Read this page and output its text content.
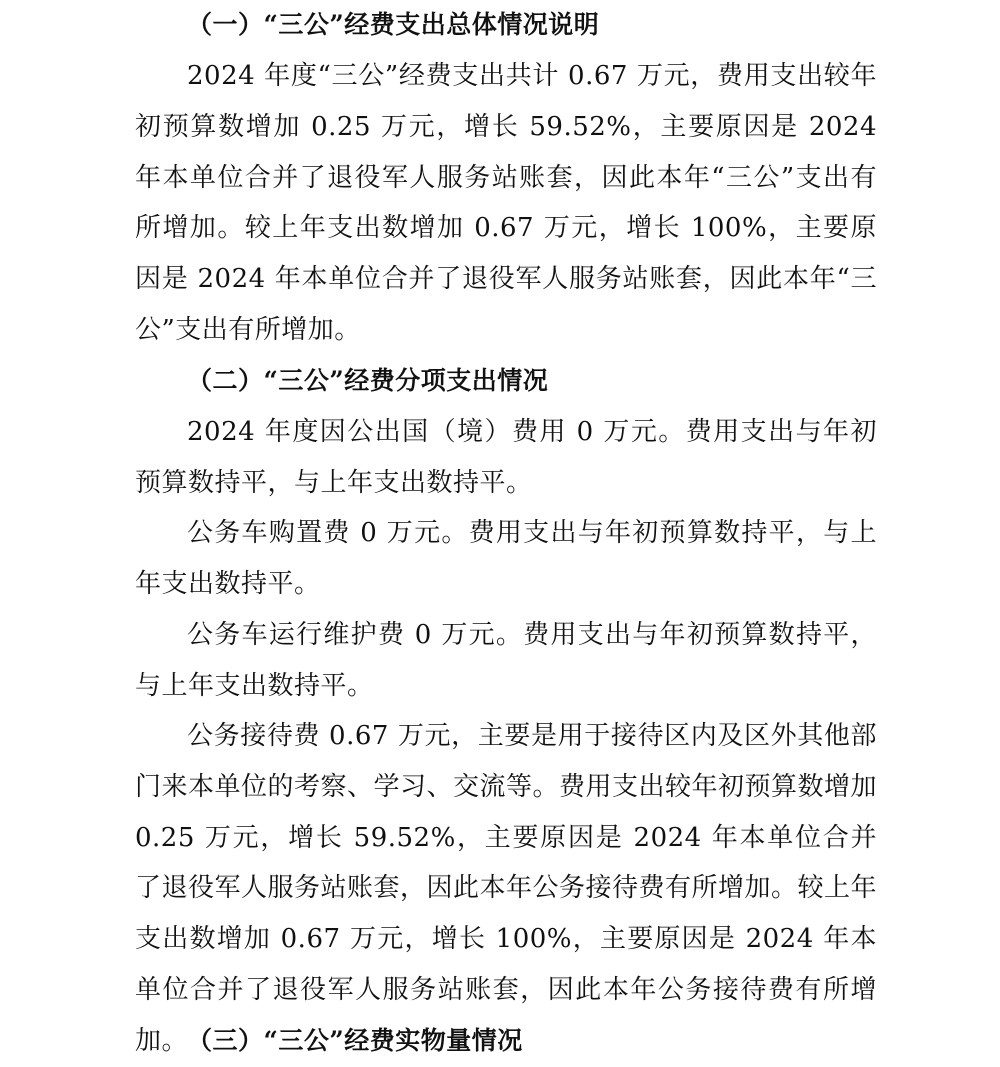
（一）“三公”经费支出总体情况说明

2024 年度“三公”经费支出共计 0.67 万元，费用支出较年初预算数增加 0.25 万元，增长 59.52%，主要原因是 2024 年本单位合并了退役军人服务站账套，因此本年“三公”支出有所增加。较上年支出数增加 0.67 万元，增长 100%，主要原因是 2024 年本单位合并了退役军人服务站账套，因此本年“三公”支出有所增加。

（二）“三公”经费分项支出情况

2024 年度因公出国（境）费用 0 万元。费用支出与年初预算数持平，与上年支出数持平。

公务车购置费 0 万元。费用支出与年初预算数持平，与上年支出数持平。

公务车运行维护费 0 万元。费用支出与年初预算数持平，与上年支出数持平。

公务接待费 0.67 万元，主要是用于接待区内及区外其他部门来本单位的考察、学习、交流等。费用支出较年初预算数增加 0.25 万元，增长 59.52%，主要原因是 2024 年本单位合并了退役军人服务站账套，因此本年公务接待费有所增加。较上年支出数增加 0.67 万元，增长 100%，主要原因是 2024 年本单位合并了退役军人服务站账套，因此本年公务接待费有所增加。

（三）“三公”经费实物量情况
